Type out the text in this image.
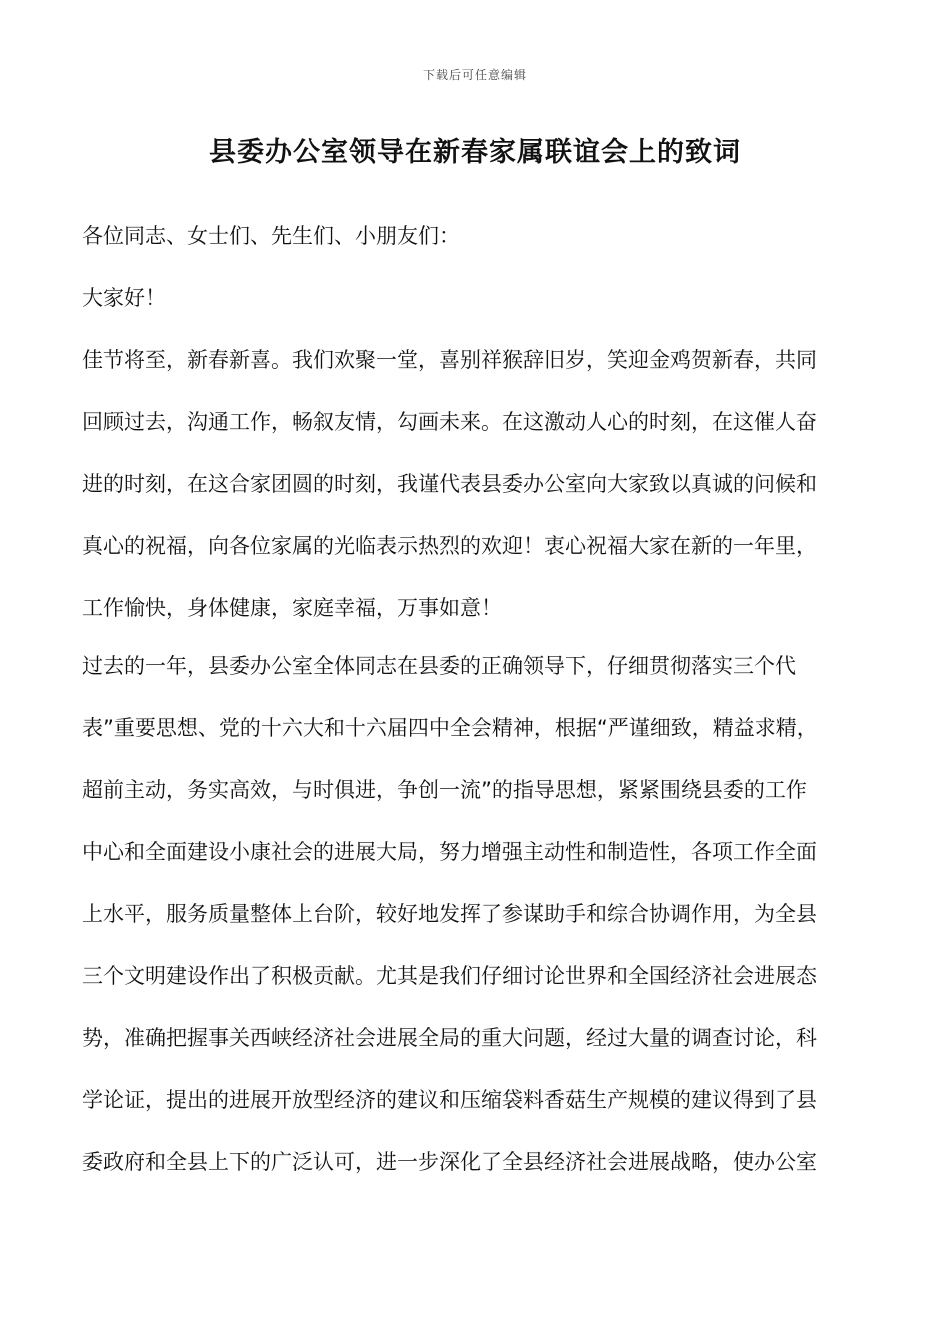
下载后可任意编辑
县委办公室领导在新春家属联谊会上的致词
各位同志、女士们、先生们、小朋友们：
大家好！
佳节将至，新春新喜。我们欢聚一堂，喜别祥猴辞旧岁，笑迎金鸡贺新春，共同
回顾过去，沟通工作，畅叙友情，勾画未来。在这激动人心的时刻，在这催人奋
进的时刻，在这合家团圆的时刻，我谨代表县委办公室向大家致以真诚的问候和
真心的祝福，向各位家属的光临表示热烈的欢迎！衷心祝福大家在新的一年里，
工作愉快，身体健康，家庭幸福，万事如意！
过去的一年，县委办公室全体同志在县委的正确领导下，仔细贯彻落实三个代
表”重要思想、党的十六大和十六届四中全会精神，根据“严谨细致，精益求精，
超前主动，务实高效，与时俱进，争创一流”的指导思想，紧紧围绕县委的工作
中心和全面建设小康社会的进展大局，努力增强主动性和制造性，各项工作全面
上水平，服务质量整体上台阶，较好地发挥了参谋助手和综合协调作用，为全县
三个文明建设作出了积极贡献。尤其是我们仔细讨论世界和全国经济社会进展态
势，准确把握事关西峡经济社会进展全局的重大问题，经过大量的调查讨论，科
学论证，提出的进展开放型经济的建议和压缩袋料香菇生产规模的建议得到了县
委政府和全县上下的广泛认可，进一步深化了全县经济社会进展战略，使办公室
